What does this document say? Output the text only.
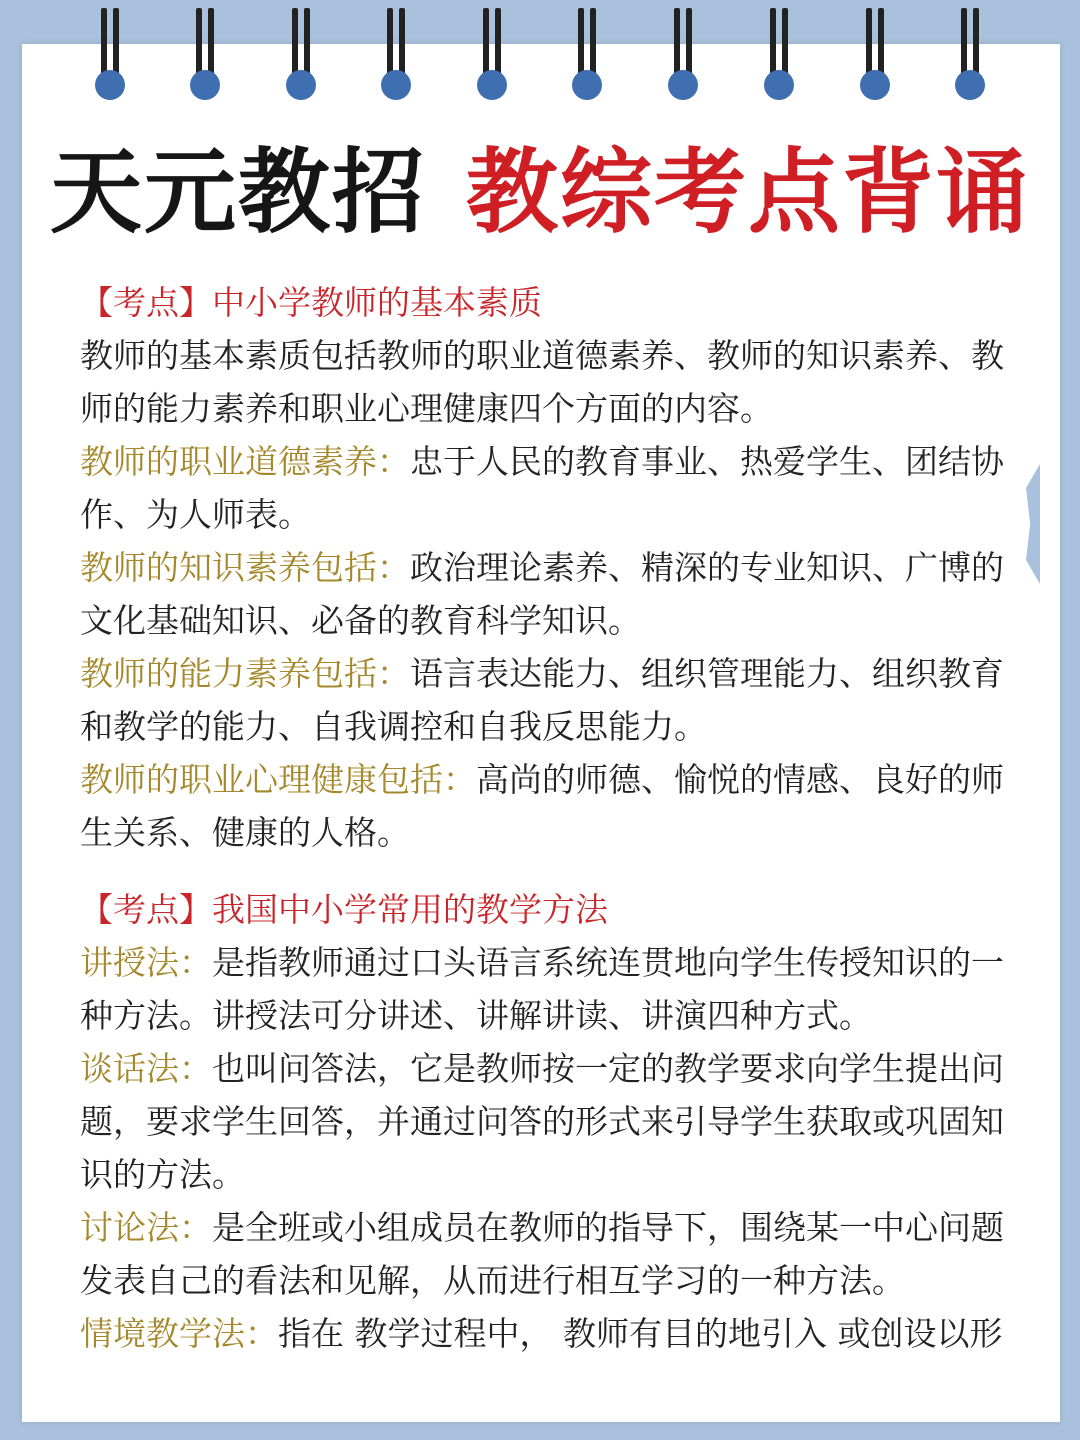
天元教招 教综考点背诵
【考点】中小学教师的基本素质

教师的基本素质包括教师的职业道德素养、教师的知识素养、教师的能力素养和职业心理健康四个方面的内容。

教师的职业道德素养：忠于人民的教育事业、热爱学生、团结协作、为人师表。

教师的知识素养包括：政治理论素养、精深的专业知识、广博的文化基础知识、必备的教育科学知识。

教师的能力素养包括：语言表达能力、组织管理能力、组织教育和教学的能力、自我调控和自我反思能力。

教师的职业心理健康包括：高尚的师德、愉悦的情感、良好的师生关系、健康的人格。

【考点】我国中小学常用的教学方法

讲授法：是指教师通过口头语言系统连贯地向学生传授知识的一种方法。讲授法可分讲述、讲解讲读、讲演四种方式。

谈话法：也叫问答法，它是教师按一定的教学要求向学生提出问题，要求学生回答，并通过问答的形式来引导学生获取或巩固知识的方法。

讨论法：是全班或小组成员在教师的指导下，围绕某一中心问题发表自己的看法和见解，从而进行相互学习的一种方法。

情境教学法：指在 教学过程中， 教师有目的地引入 或创设以形
